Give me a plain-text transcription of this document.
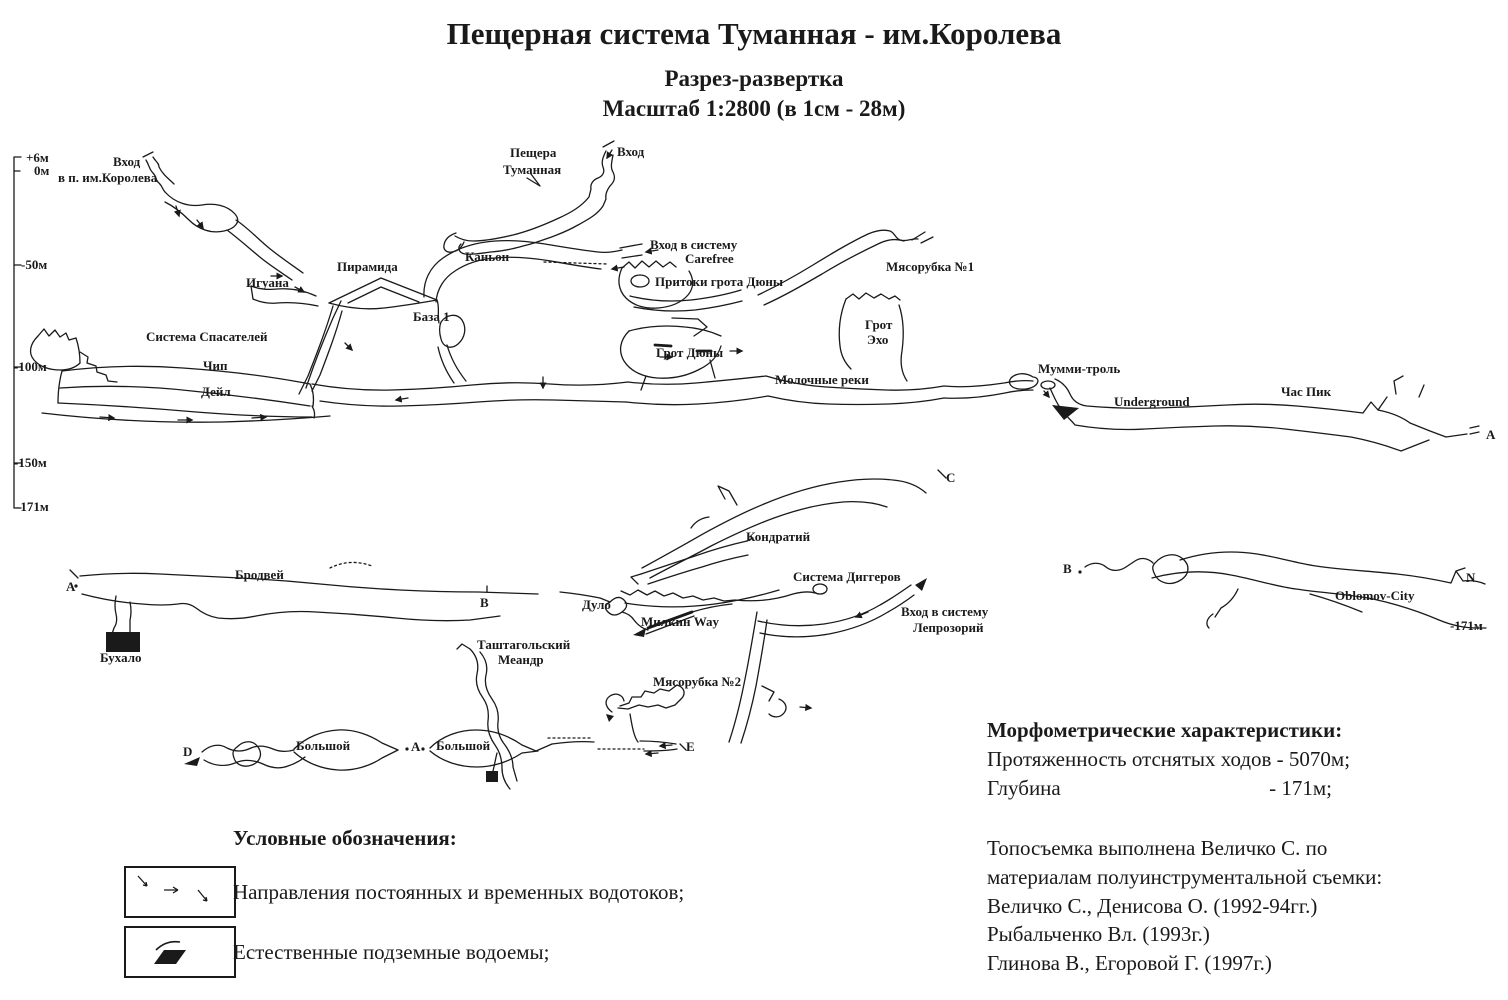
Пещерная система Туманная - им.Королева
Разрез-развертка
Масштаб 1:2800 (в 1см - 28м)
+6м
0м
-50м
-100м
-150м
-171м
Вход
в п. им.Королева
Пещера
Туманная
Вход
Каньон
Вход в систему
Carefree
Притоки грота Дюны
Игуана
Пирамида
База 1
Мясорубка №1
Грот
Эхо
Система Спасателей
Чип
Дейл
Грот Дюны
Молочные реки
Мумми-троль
Underground
Час Пик
A
С
Кондратий
Система Диггеров
А
Бродвей
Бухало
В	Дуло
Милкин Way
Вход в систему
Лепрозорий
Таштагольский
Меандр
Мясорубка №2
D	Большой	А Большой	Е
В
N
Oblomov-City
-171м
Условные обозначения:
Направления постоянных и временных водотоков;
Естественные подземные водоемы;
Морфометрические характеристики:
Протяженность отснятых ходов - 5070м;
Глубина	- 171м;
Топосъемка выполнена Величко С. по
материалам полуинструментальной съемки:
Величко С., Денисова О. (1992-94гг.)
Рыбальченко Вл. (1993г.)
Глинова В., Егоровой Г. (1997г.)
